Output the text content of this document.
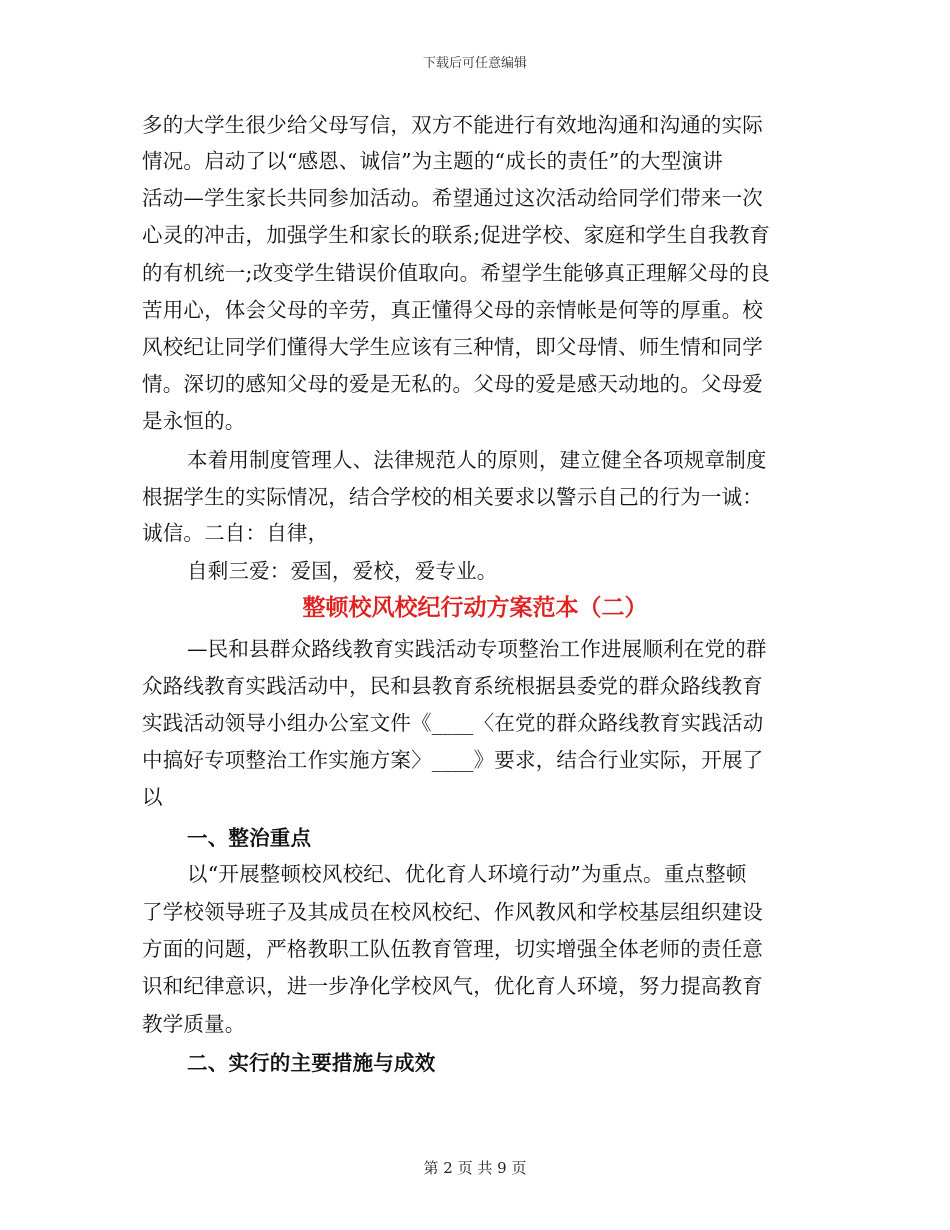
下载后可任意编辑
多的大学生很少给父母写信，双方不能进行有效地沟通和沟通的实际
情况。启动了以“感恩、诚信”为主题的“成长的责任”的大型演讲
活动—学生家长共同参加活动。希望通过这次活动给同学们带来一次
心灵的冲击，加强学生和家长的联系;促进学校、家庭和学生自我教育
的有机统一;改变学生错误价值取向。希望学生能够真正理解父母的良
苦用心，体会父母的辛劳，真正懂得父母的亲情帐是何等的厚重。校
风校纪让同学们懂得大学生应该有三种情，即父母情、师生情和同学
情。深切的感知父母的爱是无私的。父母的爱是感天动地的。父母爱
是永恒的。
本着用制度管理人、法律规范人的原则，建立健全各项规章制度
根据学生的实际情况，结合学校的相关要求以警示自己的行为一诚：
诚信。二自：自律，
自剩三爱：爱国，爱校，爱专业。
整顿校风校纪行动方案范本（二）
—民和县群众路线教育实践活动专项整治工作进展顺利在党的群
众路线教育实践活动中，民和县教育系统根据县委党的群众路线教育
实践活动领导小组办公室文件《____〈在党的群众路线教育实践活动
中搞好专项整治工作实施方案〉____》要求，结合行业实际，开展了
以
一、整治重点
以“开展整顿校风校纪、优化育人环境行动”为重点。重点整顿
了学校领导班子及其成员在校风校纪、作风教风和学校基层组织建设
方面的问题，严格教职工队伍教育管理，切实增强全体老师的责任意
识和纪律意识，进一步净化学校风气，优化育人环境，努力提高教育
教学质量。
二、实行的主要措施与成效
第 2 页 共 9 页
